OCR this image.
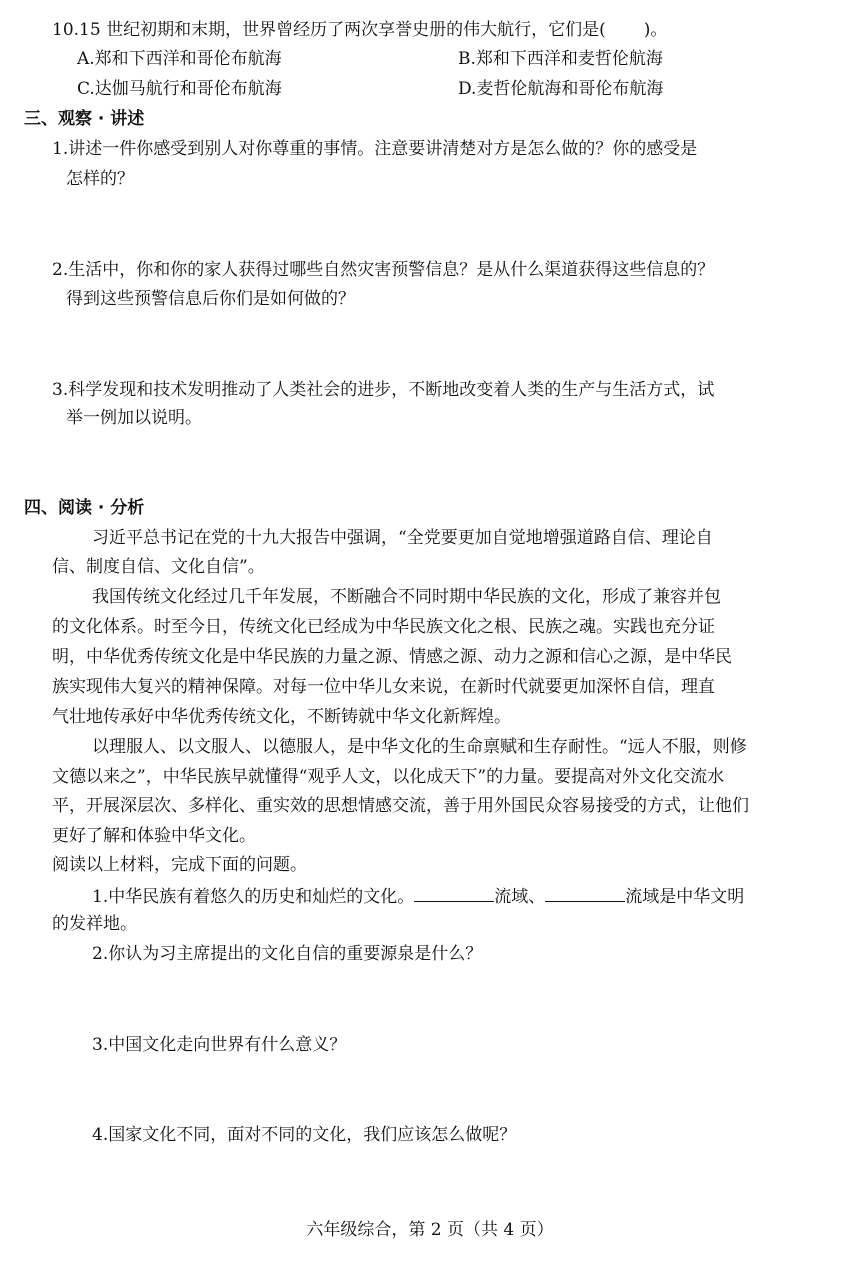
10.15 世纪初期和末期，世界曾经历了两次享誉史册的伟大航行，它们是( )。
A.郑和下西洋和哥伦布航海	B.郑和下西洋和麦哲伦航海
C.达伽马航行和哥伦布航海	D.麦哲伦航海和哥伦布航海
三、观察 · 讲述
1.讲述一件你感受到别人对你尊重的事情。注意要讲清楚对方是怎么做的？你的感受是
怎样的？
2.生活中，你和你的家人获得过哪些自然灾害预警信息？是从什么渠道获得这些信息的？
得到这些预警信息后你们是如何做的？
3.科学发现和技术发明推动了人类社会的进步，不断地改变着人类的生产与生活方式，试
举一例加以说明。
四、阅读 · 分析
习近平总书记在党的十九大报告中强调，“全党要更加自觉地增强道路自信、理论自
信、制度自信、文化自信”。
我国传统文化经过几千年发展，不断融合不同时期中华民族的文化，形成了兼容并包
的文化体系。时至今日，传统文化已经成为中华民族文化之根、民族之魂。实践也充分证
明，中华优秀传统文化是中华民族的力量之源、情感之源、动力之源和信心之源，是中华民
族实现伟大复兴的精神保障。对每一位中华儿女来说，在新时代就要更加深怀自信，理直
气壮地传承好中华优秀传统文化，不断铸就中华文化新辉煌。
以理服人、以文服人、以德服人，是中华文化的生命禀赋和生存耐性。“远人不服，则修
文德以来之”，中华民族早就懂得“观乎人文，以化成天下”的力量。要提高对外文化交流水
平，开展深层次、多样化、重实效的思想情感交流，善于用外国民众容易接受的方式，让他们
更好了解和体验中华文化。
阅读以上材料，完成下面的问题。
1.中华民族有着悠久的历史和灿烂的文化。	流域、	流域是中华文明
的发祥地。
2.你认为习主席提出的文化自信的重要源泉是什么？
3.中国文化走向世界有什么意义？
4.国家文化不同，面对不同的文化，我们应该怎么做呢？
六年级综合，第 2 页（共 4 页）
